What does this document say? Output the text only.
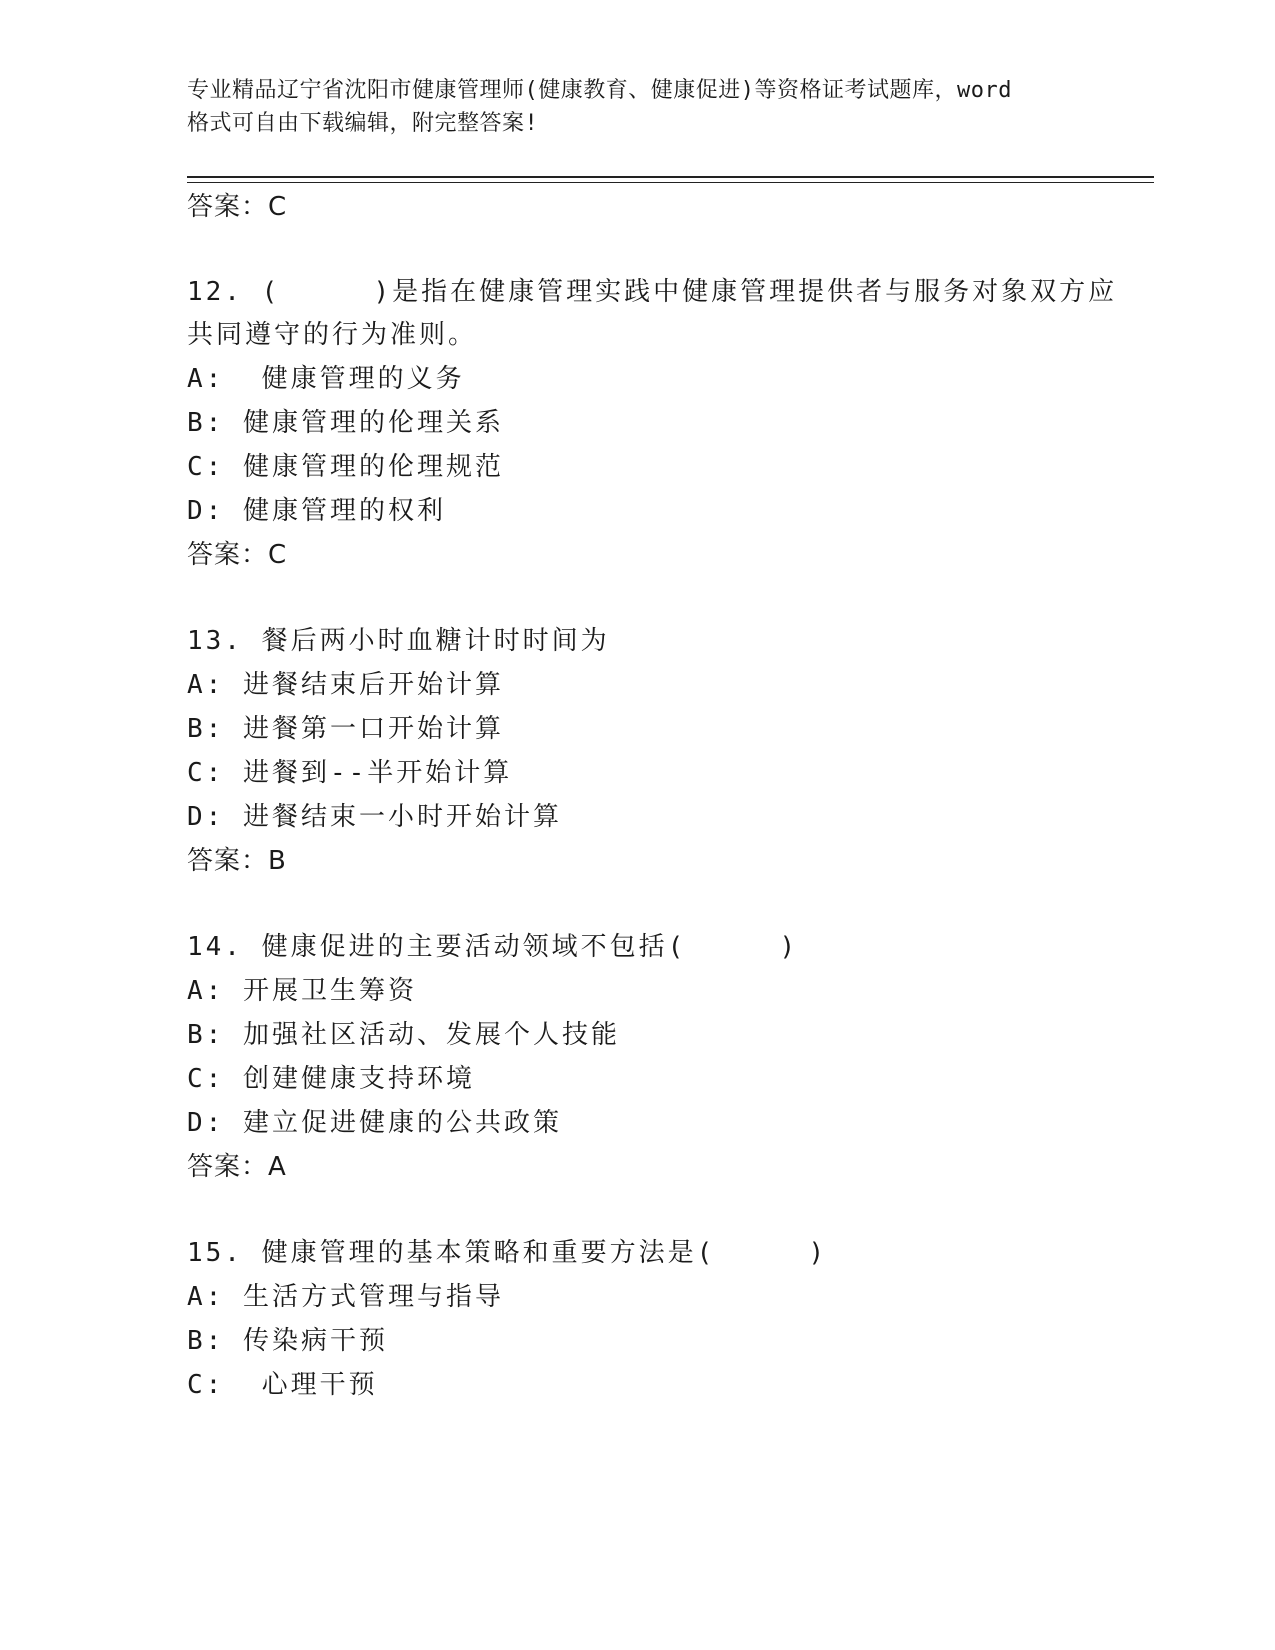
专业精品辽宁省沈阳市健康管理师(健康教育、健康促进)等资格证考试题库，word
格式可自由下载编辑，附完整答案!
答案：C
12. (     )是指在健康管理实践中健康管理提供者与服务对象双方应
共同遵守的行为准则。
A:  健康管理的义务
B: 健康管理的伦理关系
C: 健康管理的伦理规范
D: 健康管理的权利
答案：C
13. 餐后两小时血糖计时时间为
A: 进餐结束后开始计算
B: 进餐第一口开始计算
C: 进餐到--半开始计算
D: 进餐结束一小时开始计算
答案：B
14. 健康促进的主要活动领域不包括(     )
A: 开展卫生筹资
B: 加强社区活动、发展个人技能
C: 创建健康支持环境
D: 建立促进健康的公共政策
答案：A
15. 健康管理的基本策略和重要方法是(     )
A: 生活方式管理与指导
B: 传染病干预
C:  心理干预
